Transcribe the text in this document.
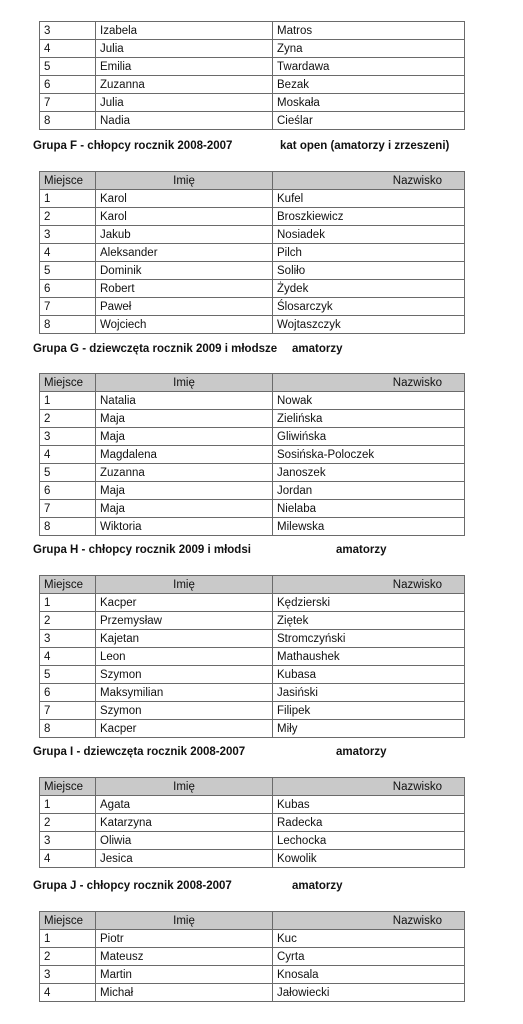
3	Izabela	Matros
4	Julia	Zyna
5	Emilia	Twardawa
6	Zuzanna	Bezak
7	Julia	Moskała
8	Nadia	Cieślar
Grupa F - chłopcy rocznik 2008-2007	kat open (amatorzy i zrzeszeni)
Miejsce	Imię	Nazwisko
1	Karol	Kufel
2	Karol	Broszkiewicz
3	Jakub	Nosiadek
4	Aleksander	Pilch
5	Dominik	Soliło
6	Robert	Żydek
7	Paweł	Ślosarczyk
8	Wojciech	Wojtaszczyk
Grupa G - dziewczęta rocznik 2009 i młodsze amatorzy
Miejsce	Imię	Nazwisko
1	Natalia	Nowak
2	Maja	Zielińska
3	Maja	Gliwińska
4	Magdalena	Sosińska-Poloczek
5	Zuzanna	Janoszek
6	Maja	Jordan
7	Maja	Nielaba
8	Wiktoria	Milewska
Grupa H - chłopcy rocznik 2009 i młodsi	amatorzy
Miejsce	Imię	Nazwisko
1	Kacper	Kędzierski
2	Przemysław	Ziętek
3	Kajetan	Stromczyński
4	Leon	Mathaushek
5	Szymon	Kubasa
6	Maksymilian	Jasiński
7	Szymon	Filipek
8	Kacper	Miły
Grupa I - dziewczęta rocznik 2008-2007	amatorzy
Miejsce	Imię	Nazwisko
1	Agata	Kubas
2	Katarzyna	Radecka
3	Oliwia	Lechocka
4	Jesica	Kowolik
Grupa J - chłopcy rocznik 2008-2007	amatorzy
Miejsce	Imię	Nazwisko
1	Piotr	Kuc
2	Mateusz	Cyrta
3	Martin	Knosala
4	Michał	Jałowiecki
